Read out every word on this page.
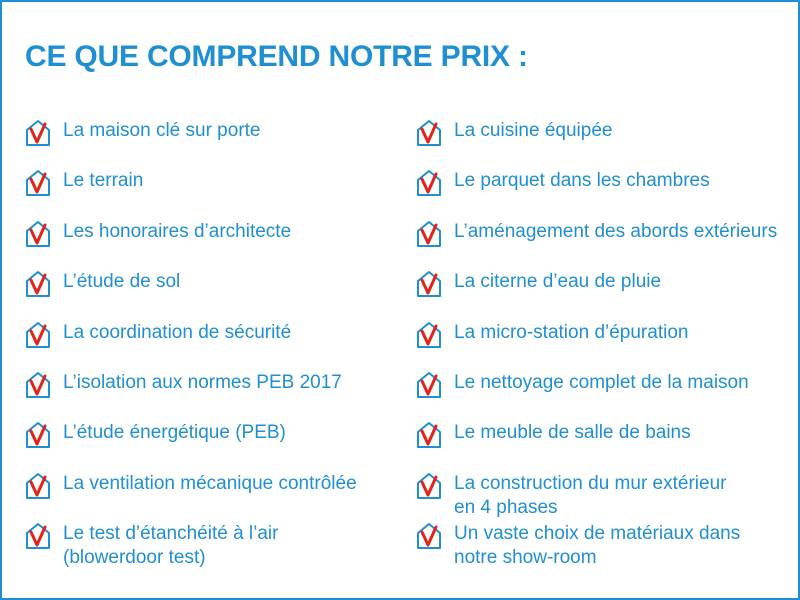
CE QUE COMPREND NOTRE PRIX :
La maison clé sur porte
Le terrain
Les honoraires d’architecte
L’étude de sol
La coordination de sécurité
L’isolation aux normes PEB 2017
L’étude énergétique (PEB)
La ventilation mécanique contrôlée
Le test d’étanchéité à l’air
(blowerdoor test)
La cuisine équipée
Le parquet dans les chambres
L’aménagement des abords extérieurs
La citerne d’eau de pluie
La micro-station d’épuration
Le nettoyage complet de la maison
Le meuble de salle de bains
La construction du mur extérieur
en 4 phases
Un vaste choix de matériaux dans
notre show-room
